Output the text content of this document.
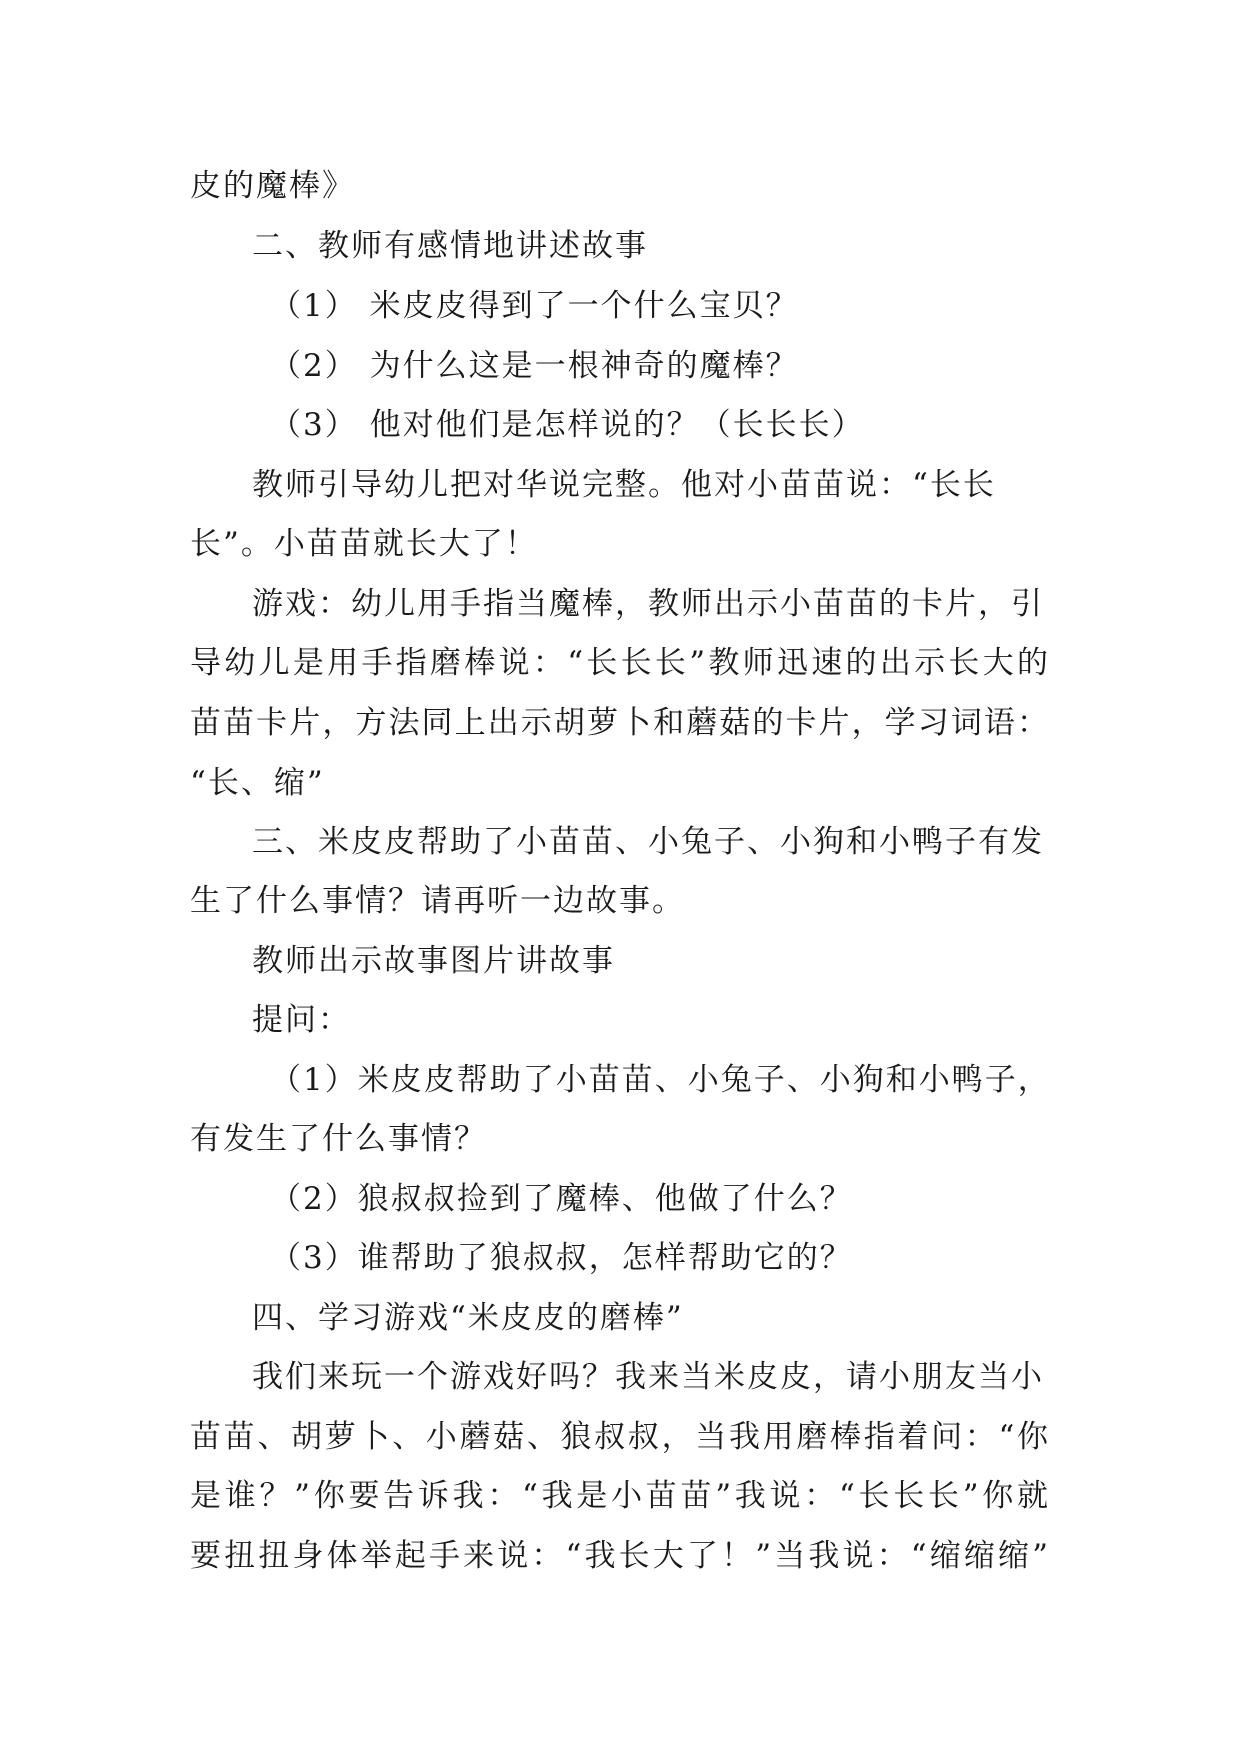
皮的魔棒》
二、教师有感情地讲述故事
（1） 米皮皮得到了一个什么宝贝？
（2） 为什么这是一根神奇的魔棒？
（3） 他对他们是怎样说的？（长长长）
教师引导幼儿把对华说完整。他对小苗苗说：“长长
长”。小苗苗就长大了！
游戏：幼儿用手指当魔棒，教师出示小苗苗的卡片，引
导幼儿是用手指磨棒说：“长长长”教师迅速的出示长大的
苗苗卡片，方法同上出示胡萝卜和蘑菇的卡片，学习词语：
“长、缩”
三、米皮皮帮助了小苗苗、小兔子、小狗和小鸭子有发
生了什么事情？请再听一边故事。
教师出示故事图片讲故事
提问：
（1）米皮皮帮助了小苗苗、小兔子、小狗和小鸭子，
有发生了什么事情？
（2）狼叔叔捡到了魔棒、他做了什么？
（3）谁帮助了狼叔叔，怎样帮助它的？
四、学习游戏“米皮皮的磨棒”
我们来玩一个游戏好吗？我来当米皮皮，请小朋友当小
苗苗、胡萝卜、小蘑菇、狼叔叔，当我用磨棒指着问：“你
是谁？”你要告诉我：“我是小苗苗”我说：“长长长”你就
要扭扭身体举起手来说：“我长大了！”当我说：“缩缩缩”
